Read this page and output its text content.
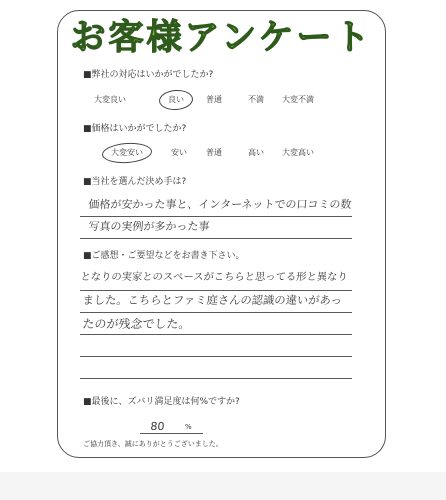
お客様アンケート
■弊社の対応はいかがでしたか?
大変良い	良い	普通	不満 大変不満
■価格はいかがでしたか?
大変安い	安い 普通	高い 大変高い
■当社を選んだ決め手は?
価格が安かった事と、インターネットでの口コミの数
写真の実例が多かった事
■ご感想・ご要望などをお書き下さい。
となりの実家とのスペースがこちらと思ってる形と異なり
ました。こちらとファミ庭さんの認識の違いがあっ
たのが残念でした。
■最後に、ズバリ満足度は何%ですか?
80	%
ご協力頂き、誠にありがとうございました。
